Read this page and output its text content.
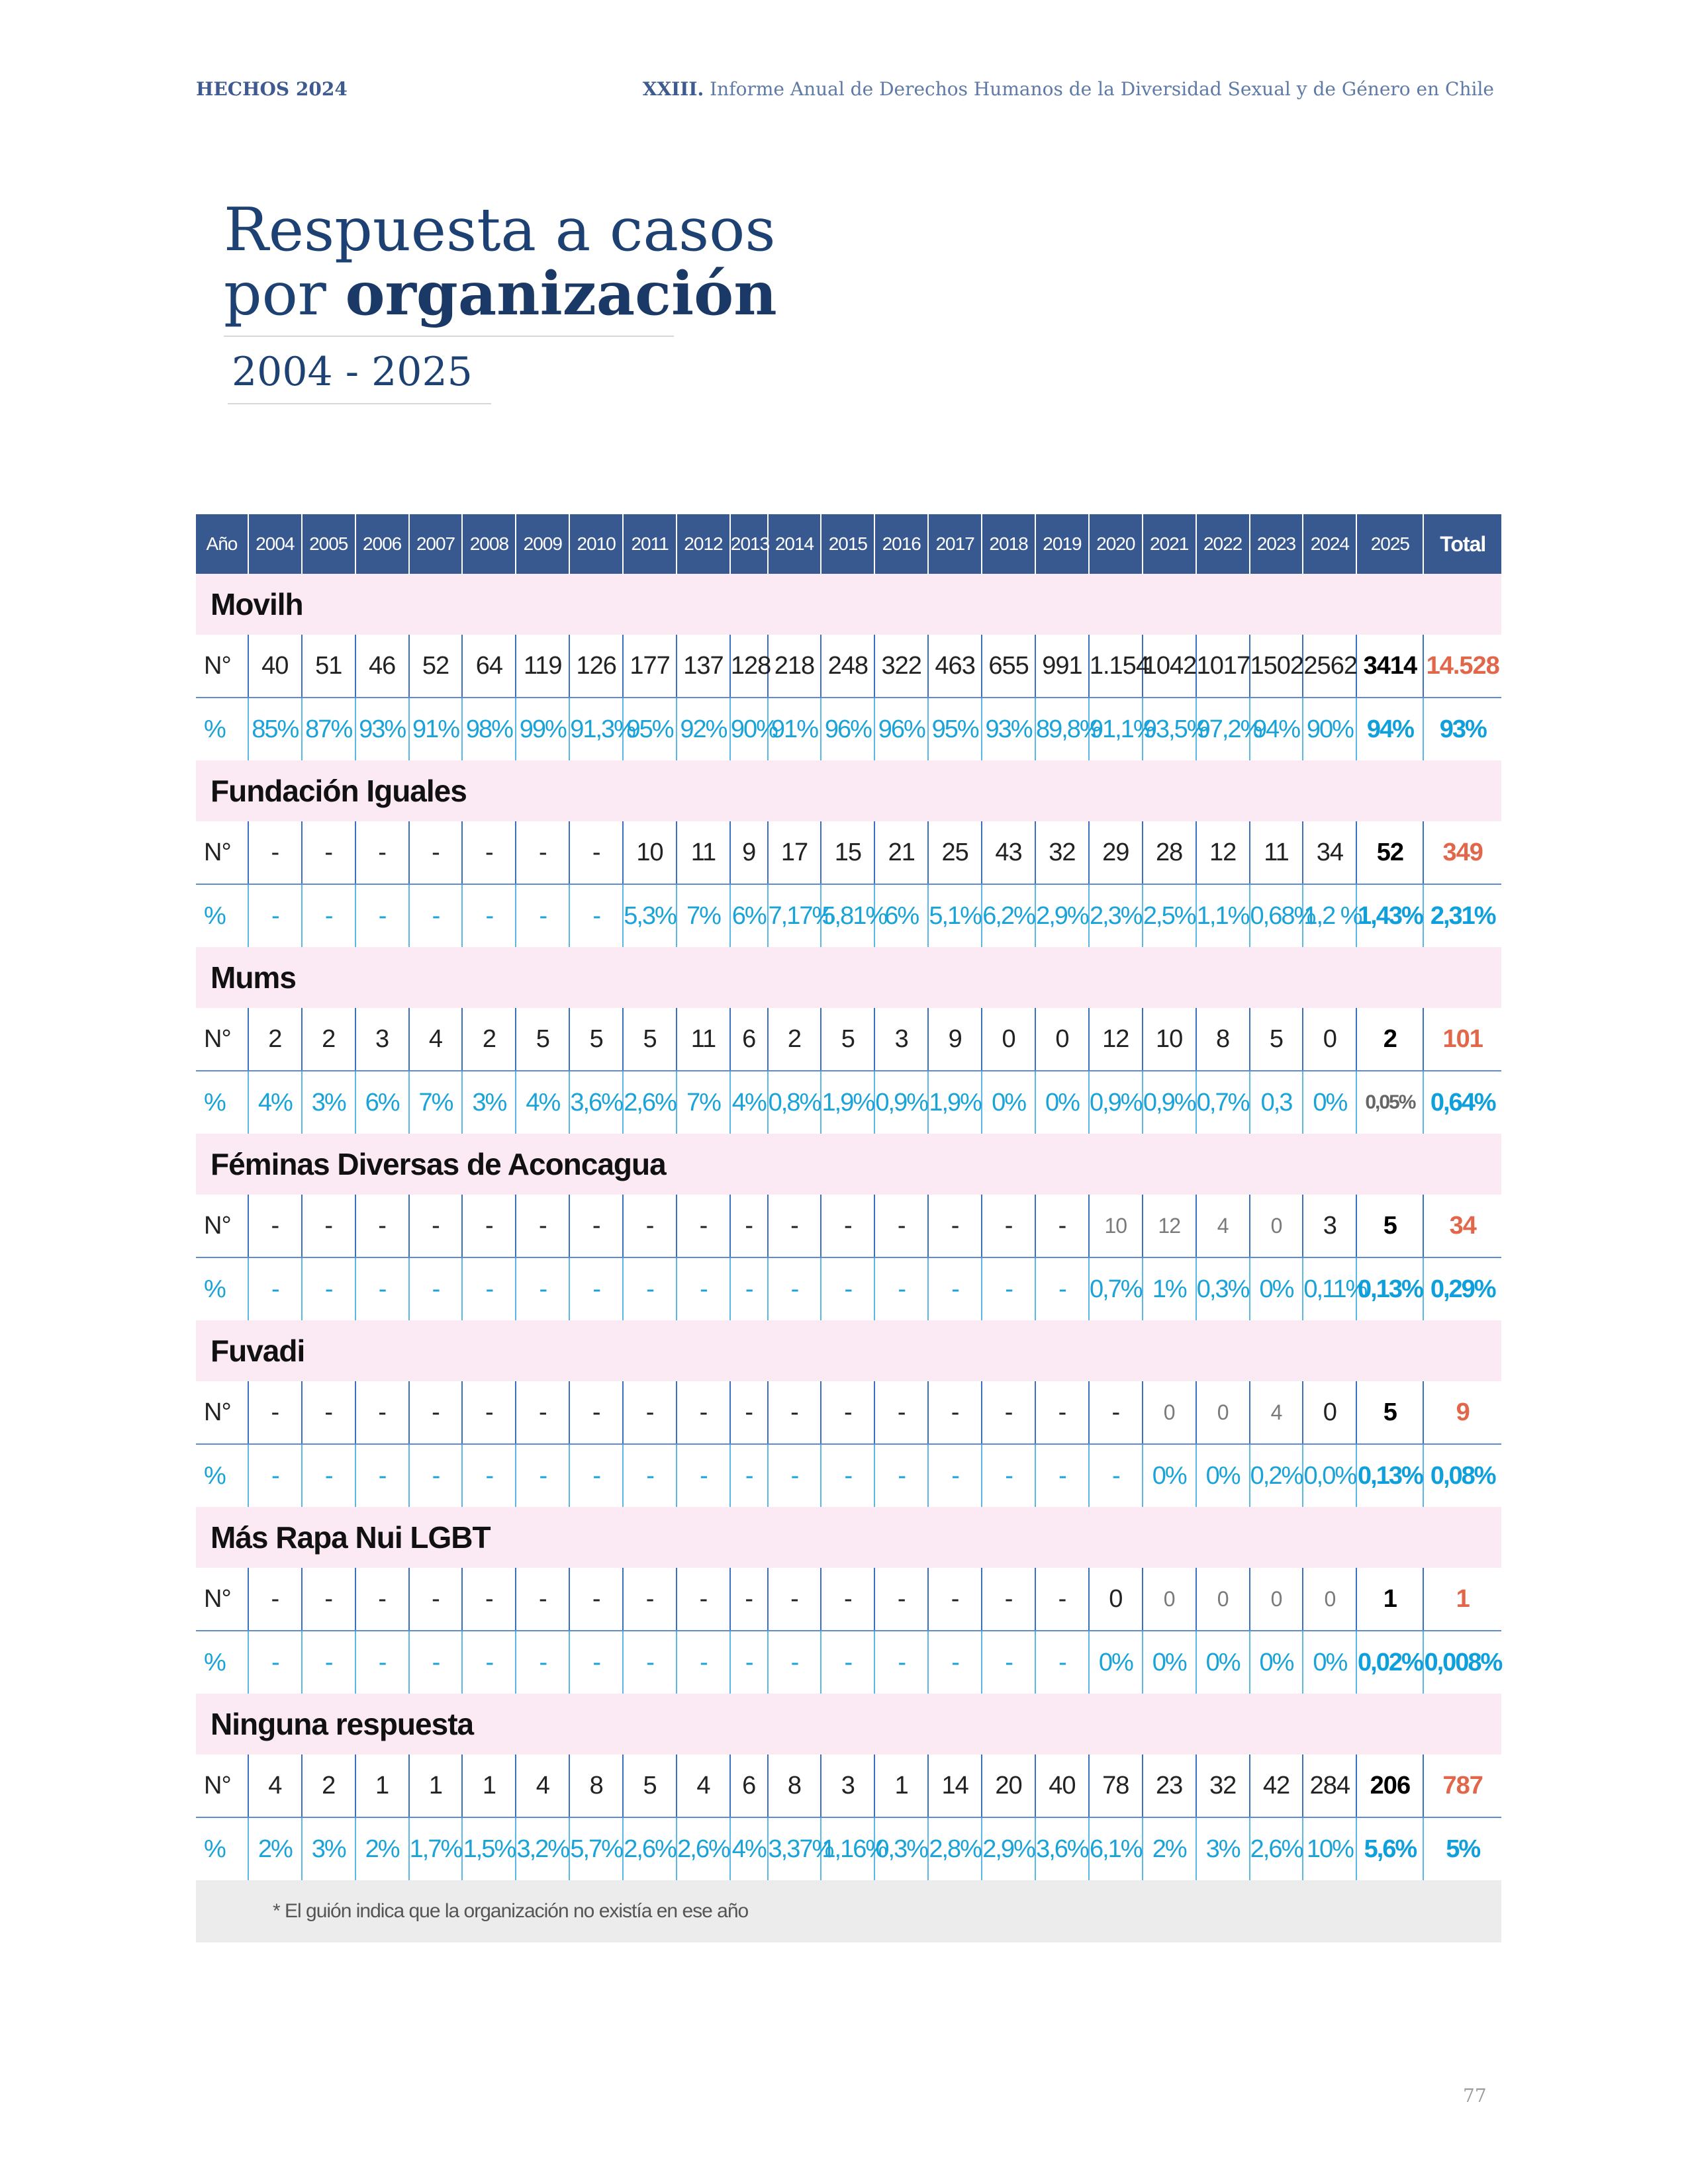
HECHOS 2024	XXIII. Informe Anual de Derechos Humanos de la Diversidad Sexual y de Género en Chile
Respuesta a casos
por organización
2004 - 2025
Año	2004	2005	2006	2007	2008	2009	2010	2011	2012	2013	2014	2015	2016	2017	2018	2019	2020	2021	2022	2023	2024	2025	Total
Movilh																							
N°	40	51	46	52	64	119	126	177	137	128	218	248	322	463	655	991	1.154	1042	1017	1502	2562	3414	14.528
%	85%	87%	93%	91%	98%	99%	91,3%	95%	92%	90%	91%	96%	96%	95%	93%	89,8%	91,1%	93,5%	97,2%	94%	90%	94%	93%
Fundación Iguales																							
N°	-	-	-	-	-	-	-	10	11	9	17	15	21	25	43	32	29	28	12	11	34	52	349
%	-	-	-	-	-	-	-	5,3%	7%	6%	7,17%	5,81%	6%	5,1%	6,2%	2,9%	2,3%	2,5%	1,1%	0,68%	1,2 %	1,43%	2,31%
Mums																							
N°	2	2	3	4	2	5	5	5	11	6	2	5	3	9	0	0	12	10	8	5	0	2	101
%	4%	3%	6%	7%	3%	4%	3,6%	2,6%	7%	4%	0,8%	1,9%	0,9%	1,9%	0%	0%	0,9%	0,9%	0,7%	0,3	0%	0,05%	0,64%
Féminas Diversas de Aconcagua																							
N°	-	-	-	-	-	-	-	-	-	-	-	-	-	-	-	-	10	12	4	0	3	5	34
%	-	-	-	-	-	-	-	-	-	-	-	-	-	-	-	-	0,7%	1%	0,3%	0%	0,11%	0,13%	0,29%
Fuvadi																							
N°	-	-	-	-	-	-	-	-	-	-	-	-	-	-	-	-	-	0	0	4	0	5	9
%	-	-	-	-	-	-	-	-	-	-	-	-	-	-	-	-	-	0%	0%	0,2%	0,0%	0,13%	0,08%
Más Rapa Nui LGBT																							
N°	-	-	-	-	-	-	-	-	-	-	-	-	-	-	-	-	0	0	0	0	0	1	1
%	-	-	-	-	-	-	-	-	-	-	-	-	-	-	-	-	0%	0%	0%	0%	0%	0,02%	0,008%
Ninguna respuesta																							
N°	4	2	1	1	1	4	8	5	4	6	8	3	1	14	20	40	78	23	32	42	284	206	787
%	2%	3%	2%	1,7%	1,5%	3,2%	5,7%	2,6%	2,6%	4%	3,37%	1,16%	0,3%	2,8%	2,9%	3,6%	6,1%	2%	3%	2,6%	10%	5,6%	5%
* El guión indica que la organización no existía en ese año																							
77
